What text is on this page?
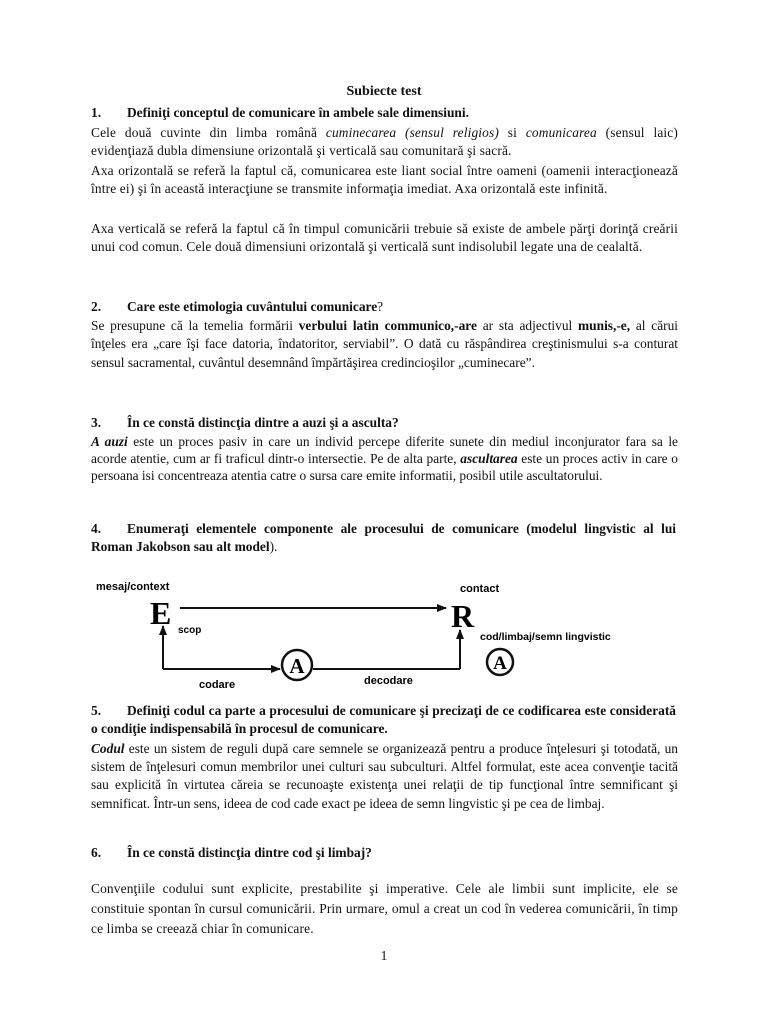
Subiecte test
1. Definiţi conceptul de comunicare în ambele sale dimensiuni.

Cele două cuvinte din limba română cuminecarea (sensul religios) si comunicarea (sensul laic) evidenţiază dubla dimensiune orizontală şi verticală sau comunitară şi sacră.

Axa orizontală se referă la faptul că, comunicarea este liant social între oameni (oamenii interacţionează între ei) şi în această interacţiune se transmite informaţia imediat. Axa orizontală este infinită.

Axa verticală se referă la faptul că în timpul comunicării trebuie să existe de ambele părţi dorinţă creării unui cod comun. Cele două dimensiuni orizontală şi verticală sunt indisolubil legate una de cealaltă.

2. Care este etimologia cuvântului comunicare?

Se presupune că la temelia formării verbului latin communico,-are ar sta adjectivul munis,-e, al cărui înţeles era „care îşi face datoria, îndatoritor, serviabil”. O dată cu răspândirea creştinismului s-a conturat sensul sacramental, cuvântul desemnând împărtăşirea credincioşilor „cuminecare”.

3. În ce constă distincţia dintre a auzi şi a asculta?

A auzi este un proces pasiv in care un individ percepe diferite sunete din mediul inconjurator fara sa le acorde atentie, cum ar fi traficul dintr-o intersectie. Pe de alta parte, ascultarea este un proces activ in care o persoana isi concentreaza atentia catre o sursa care emite informatii, posibil utile ascultatorului.

4. Enumeraţi elementele componente ale procesului de comunicare (modelul lingvistic al lui Roman Jakobson sau alt model).
mesaj/context
E scop
contact
R
cod/limbaj/semn lingvistic
A	A
codare	decodare
5. Definiţi codul ca parte a procesului de comunicare şi precizaţi de ce codificarea este considerată o condiţie indispensabilă în procesul de comunicare.

Codul este un sistem de reguli după care semnele se organizează pentru a produce înţelesuri şi totodată, un sistem de înţelesuri comun membrilor unei culturi sau subculturi. Altfel formulat, este acea convenţie tacită sau explicită în virtutea căreia se recunoaşte existenţa unei relaţii de tip funcţional între semnificant şi semnificat. Într-un sens, ideea de cod cade exact pe ideea de semn lingvistic şi pe cea de limbaj.

6. În ce constă distincţia dintre cod şi limbaj?

Convenţiile codului sunt explicite, prestabilite şi imperative. Cele ale limbii sunt implicite, ele se constituie spontan în cursul comunicării. Prin urmare, omul a creat un cod în vederea comunicării, în timp ce limba se creează chiar în comunicare.

1
